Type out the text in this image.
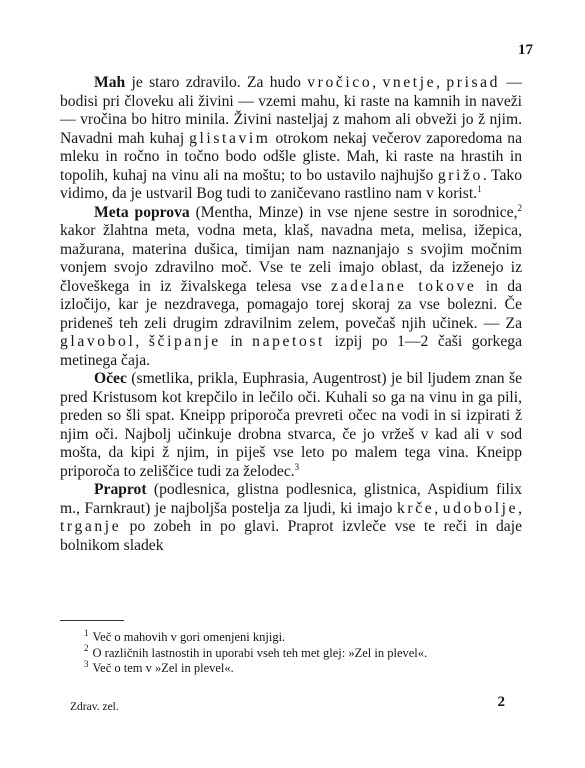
17

Mah je staro zdravilo. Za hudo vročico, vnetje, prisad — bodisi pri človeku ali živini — vzemi mahu, ki raste na kamnih in naveži — vročina bo hitro minila. Živini nasteljaj z mahom ali obveži jo ž njim. Navadni mah kuhaj glistavim otrokom nekaj večerov zaporedoma na mleku in ročno in točno bodo odšle gliste. Mah, ki raste na hrastih in topolih, kuhaj na vinu ali na moštu; to bo ustavilo najhujšo grižo. Tako vidimo, da je ustvaril Bog tudi to zaničevano rastlino nam v korist.$^1$

Meta poprova (Mentha, Minze) in vse njene sestre in sorodnice,$^2$ kakor žlahtna meta, vodna meta, klaš, navadna meta, melisa, ižepica, mažurana, materina dušica, timijan nam naznanjajo s svojim močnim vonjem svojo zdravilno moč. Vse te zeli imajo oblast, da izženejo iz človeškega in iz živalskega telesa vse zadelane tokove in da izločijo, kar je nezdravega, pomagajo torej skoraj za vse bolezni. Če prideneš teh zeli drugim zdravilnim zelem, povečaš njih učinek. — Za glavobol, ščipanje in napetost izpij po 1—2 čaši gorkega metinega čaja.

Očec (smetlika, prikla, Euphrasia, Augentrost) je bil ljudem znan še pred Kristusom kot krepčilo in lečilo oči. Kuhali so ga na vinu in ga pili, preden so šli spat. Kneipp priporoča prevreti očec na vodi in si izpirati ž njim oči. Najbolj učinkuje drobna stvarca, če jo vržeš v kad ali v sod mošta, da kipi ž njim, in piješ vse leto po malem tega vina. Kneipp priporoča to zeliščice tudi za želodec.$^3$

Praprot (podlesnica, glistna podlesnica, glistnica, Aspidium filix m., Farnkraut) je najboljša postelja za ljudi, ki imajo krče, udobolje, trganje po zobeh in po glavi. Praprot izvleče vse te reči in daje bolnikom sladek

$^1$ Več o mahovih v gori omenjeni knjigi.

$^2$ O različnih lastnostih in uporabi vseh teh met glej: »Zel in plevel«.

$^3$ Več o tem v »Zel in plevel«.

Zdrav. zel.	2
